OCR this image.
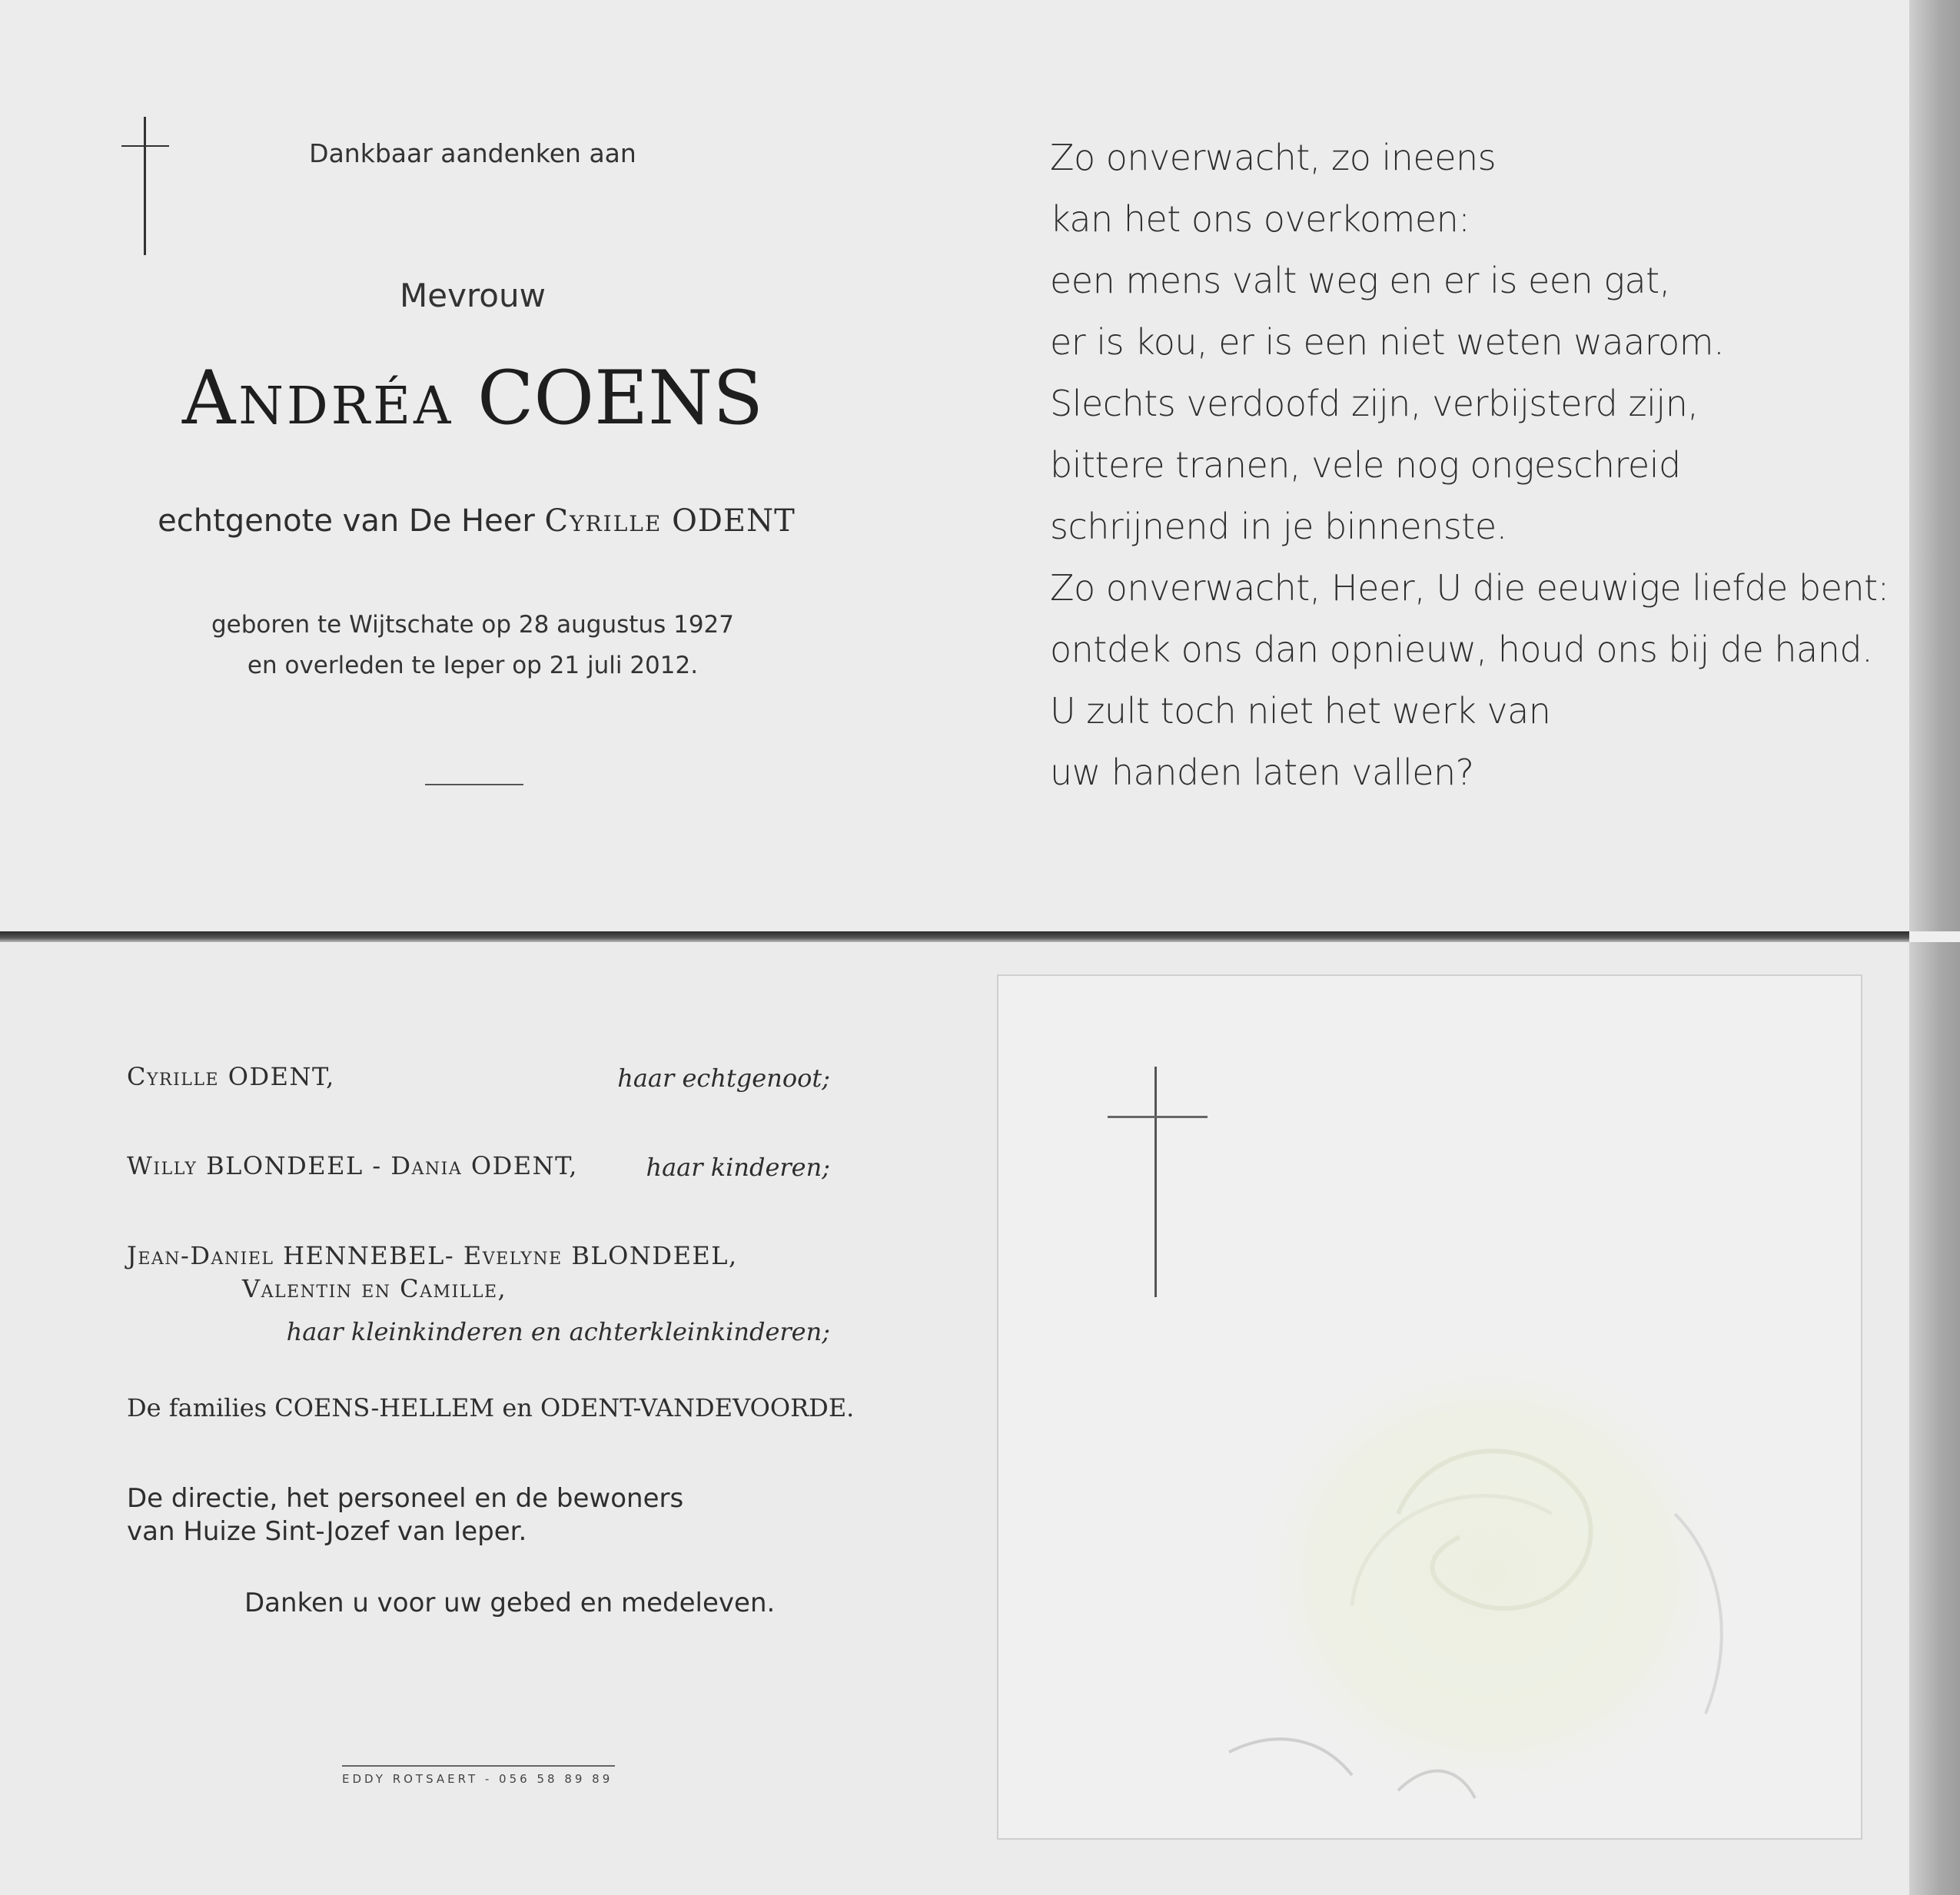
Dankbaar aandenken aan
Mevrouw
Andréa COENS
echtgenote van De Heer Cyrille ODENT
geboren te Wijtschate op 28 augustus 1927
en overleden te Ieper op 21 juli 2012.
Zo onverwacht, zo ineens
kan het ons overkomen:
een mens valt weg en er is een gat,
er is kou, er is een niet weten waarom.
Slechts verdoofd zijn, verbijsterd zijn,
bittere tranen, vele nog ongeschreid
schrijnend in je binnenste.
Zo onverwacht, Heer, U die eeuwige liefde bent:
ontdek ons dan opnieuw, houd ons bij de hand.
U zult toch niet het werk van
uw handen laten vallen?
Cyrille ODENT,	haar echtgenoot;
Willy BLONDEEL - Dania ODENT,	haar kinderen;
Jean-Daniel HENNEBEL- Evelyne BLONDEEL,
Valentin en Camille,
haar kleinkinderen en achterkleinkinderen;
De families COENS-HELLEM en ODENT-VANDEVOORDE.
De directie, het personeel en de bewoners
van Huize Sint-Jozef van Ieper.
Danken u voor uw gebed en medeleven.
EDDY ROTSAERT - 056 58 89 89
